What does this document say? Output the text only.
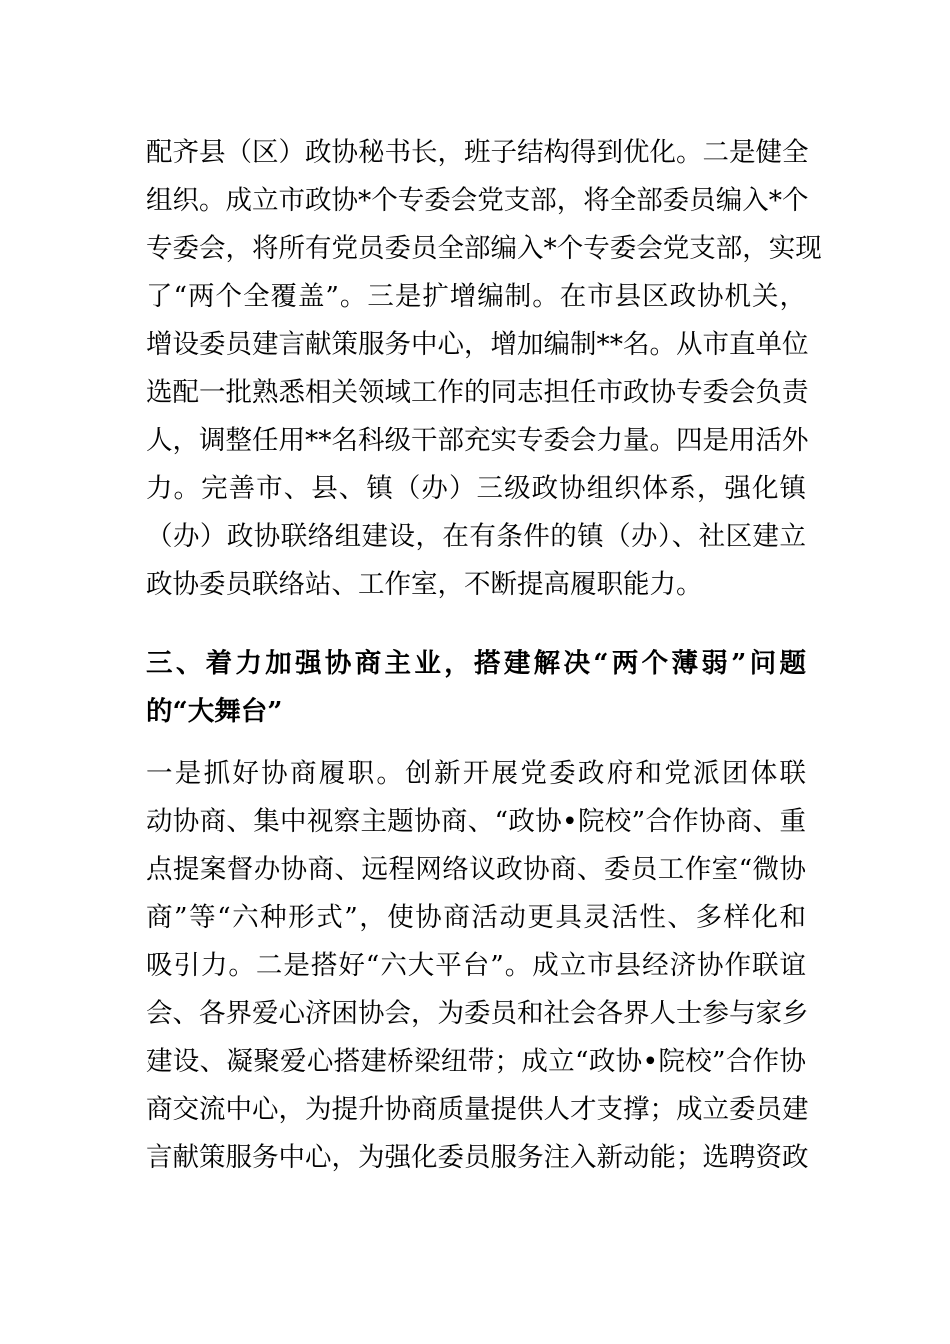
配齐县（区）政协秘书长，班子结构得到优化。二是健全
组织。成立市政协*个专委会党支部，将全部委员编入*个
专委会，将所有党员委员全部编入*个专委会党支部，实现
了“两个全覆盖”。三是扩增编制。在市县区政协机关，
增设委员建言献策服务中心，增加编制**名。从市直单位
选配一批熟悉相关领域工作的同志担任市政协专委会负责
人，调整任用**名科级干部充实专委会力量。四是用活外
力。完善市、县、镇（办）三级政协组织体系，强化镇
（办）政协联络组建设，在有条件的镇（办）、社区建立
政协委员联络站、工作室，不断提高履职能力。
三、着力加强协商主业，搭建解决“两个薄弱”问题
的“大舞台”
一是抓好协商履职。创新开展党委政府和党派团体联
动协商、集中视察主题协商、“政协•院校”合作协商、重
点提案督办协商、远程网络议政协商、委员工作室“微协
商”等“六种形式”，使协商活动更具灵活性、多样化和
吸引力。二是搭好“六大平台”。成立市县经济协作联谊
会、各界爱心济困协会，为委员和社会各界人士参与家乡
建设、凝聚爱心搭建桥梁纽带；成立“政协•院校”合作协
商交流中心，为提升协商质量提供人才支撑；成立委员建
言献策服务中心，为强化委员服务注入新动能；选聘资政
